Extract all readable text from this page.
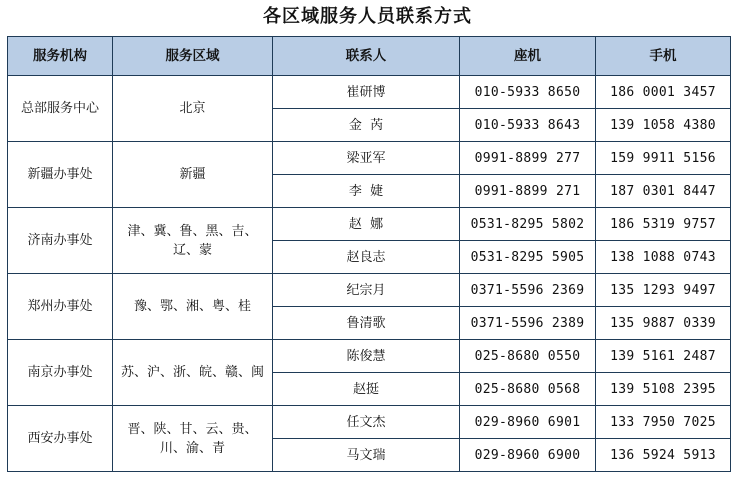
各区域服务人员联系方式
服务机构	服务区域	联系人	座机	手机
总部服务中心	北京	崔研博	010-5933 8650	186 0001 3457
		金  芮	010-5933 8643	139 1058 4380
新疆办事处	新疆	梁亚军	0991-8899 277	159 9911 5156
		李  婕	0991-8899 271	187 0301 8447
济南办事处	津、冀、鲁、黑、吉、辽、蒙	赵  娜	0531-8295 5802	186 5319 9757
		赵良志	0531-8295 5905	138 1088 0743
郑州办事处	豫、鄂、湘、粤、桂	纪宗月	0371-5596 2369	135 1293 9497
		鲁清歌	0371-5596 2389	135 9887 0339
南京办事处	苏、沪、浙、皖、赣、闽	陈俊慧	025-8680 0550	139 5161 2487
		赵挺	025-8680 0568	139 5108 2395
西安办事处	晋、陕、甘、云、贵、川、渝、青	任文杰	029-8960 6901	133 7950 7025
		马文瑞	029-8960 6900	136 5924 5913
